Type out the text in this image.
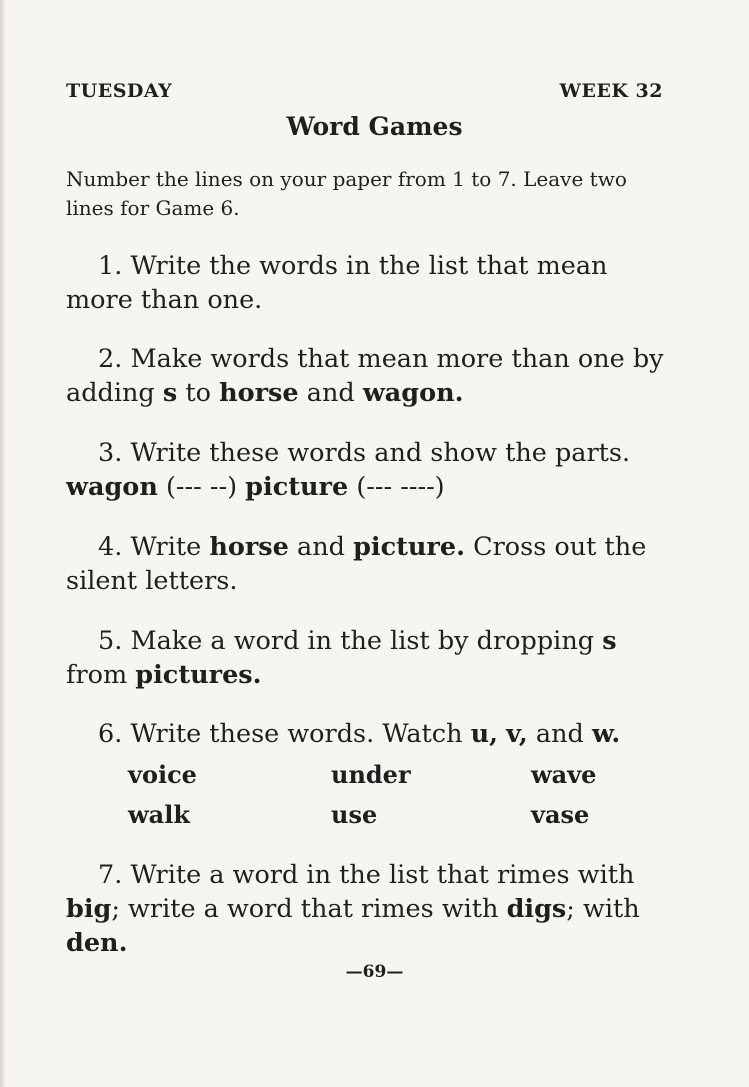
TUESDAY	WEEK 32
Word Games
Number the lines on your paper from 1 to 7. Leave two lines for Game 6.
1. Write the words in the list that mean more than one.
2. Make words that mean more than one by adding s to horse and wagon.
3. Write these words and show the parts.
wagon (--- --) picture (--- ----)
4. Write horse and picture. Cross out the silent letters.
5. Make a word in the list by dropping s
from pictures.
6. Write these words. Watch u, v, and w.
voice	under	wave
walk	use	vase
7. Write a word in the list that rimes with big; write a word that rimes with digs; with den.
—69—
